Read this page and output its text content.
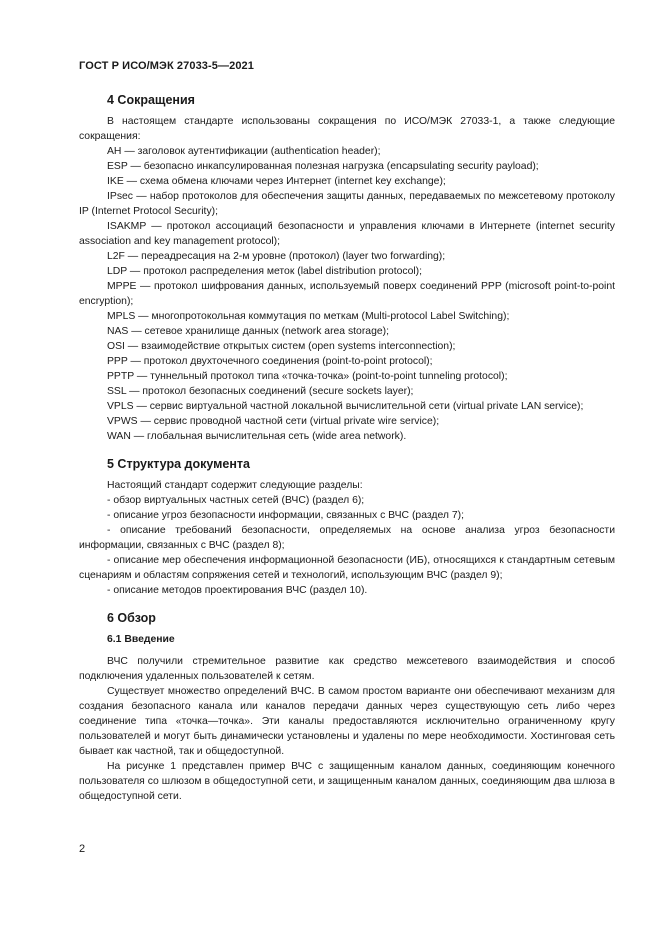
ГОСТ Р ИСО/МЭК 27033-5—2021
4 Сокращения

В настоящем стандарте использованы сокращения по ИСО/МЭК 27033-1, а также следующие сокращения:

АН — заголовок аутентификации (authentication header);

ESP — безопасно инкапсулированная полезная нагрузка (encapsulating security payload);

IKE — схема обмена ключами через Интернет (internet key exchange);

IPsec — набор протоколов для обеспечения защиты данных, передаваемых по межсетевому протоколу IP (Internet Protocol Security);

ISAKMP — протокол ассоциаций безопасности и управления ключами в Интернете (internet security association and key management protocol);

L2F — переадресация на 2-м уровне (протокол) (layer two forwarding);

LDP — протокол распределения меток (label distribution protocol);

MPPE — протокол шифрования данных, используемый поверх соединений PPP (microsoft point-to-point encryption);

MPLS — многопротокольная коммутация по меткам (Multi-protocol Label Switching);

NAS — сетевое хранилище данных (network area storage);

OSI — взаимодействие открытых систем (open systems interconnection);

PPP — протокол двухточечного соединения (point-to-point protocol);

PPTP — туннельный протокол типа «точка-точка» (point-to-point tunneling protocol);

SSL — протокол безопасных соединений (secure sockets layer);

VPLS — сервис виртуальной частной локальной вычислительной сети (virtual private LAN service);

VPWS — сервис проводной частной сети (virtual private wire service);

WAN — глобальная вычислительная сеть (wide area network).

5 Структура документа

Настоящий стандарт содержит следующие разделы:

- обзор виртуальных частных сетей (ВЧС) (раздел 6);

- описание угроз безопасности информации, связанных с ВЧС (раздел 7);

- описание требований безопасности, определяемых на основе анализа угроз безопасности информации, связанных с ВЧС (раздел 8);

- описание мер обеспечения информационной безопасности (ИБ), относящихся к стандартным сетевым сценариям и областям сопряжения сетей и технологий, использующим ВЧС (раздел 9);

- описание методов проектирования ВЧС (раздел 10).

6 Обзор
6.1 Введение

ВЧС получили стремительное развитие как средство межсетевого взаимодействия и способ подключения удаленных пользователей к сетям.

Существует множество определений ВЧС. В самом простом варианте они обеспечивают механизм для создания безопасного канала или каналов передачи данных через существующую сеть либо через соединение типа «точка—точка». Эти каналы предоставляются исключительно ограниченному кругу пользователей и могут быть динамически установлены и удалены по мере необходимости. Хостинговая сеть бывает как частной, так и общедоступной.

На рисунке 1 представлен пример ВЧС с защищенным каналом данных, соединяющим конечного пользователя со шлюзом в общедоступной сети, и защищенным каналом данных, соединяющим два шлюза в общедоступной сети.

2
